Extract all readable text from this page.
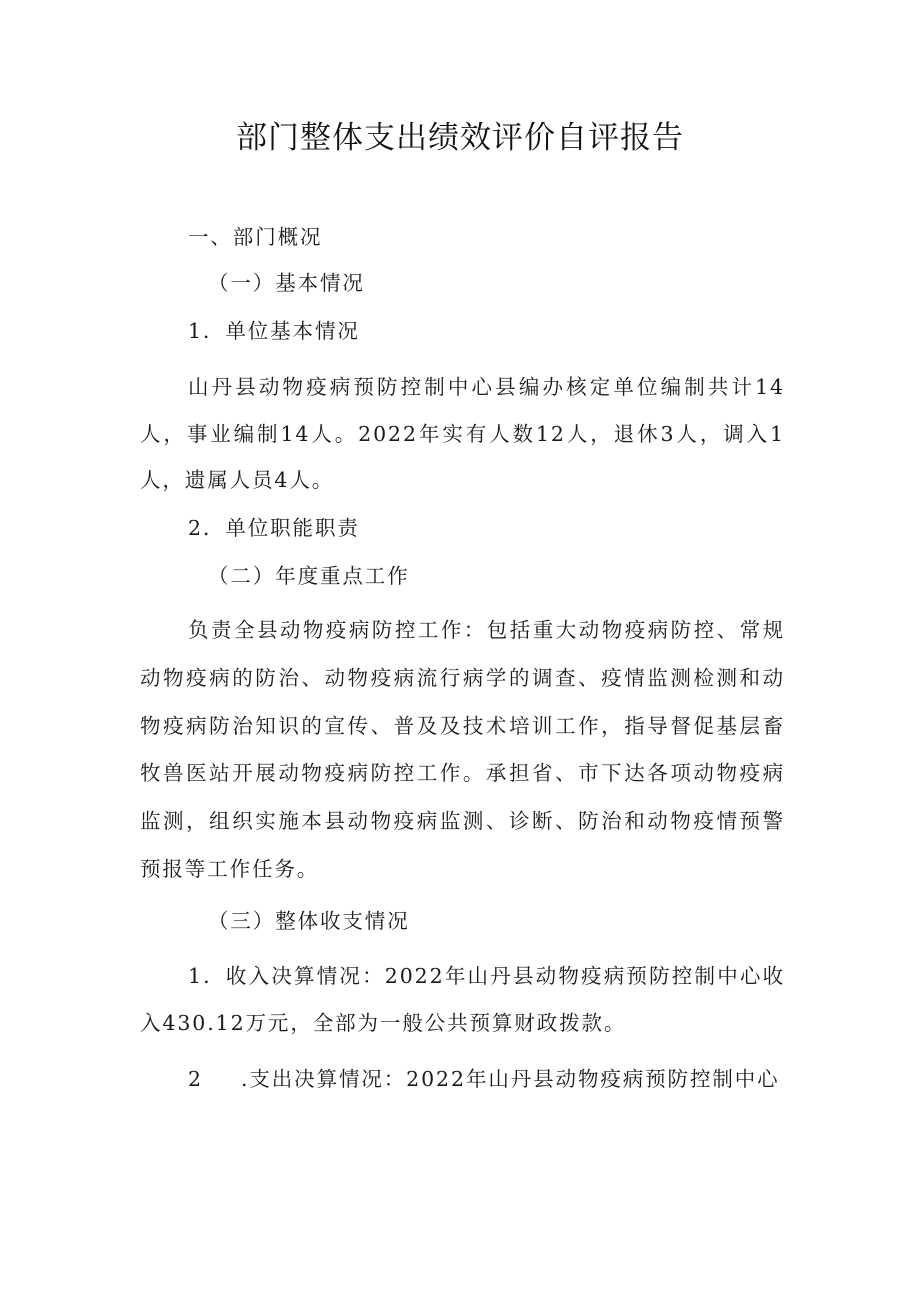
部门整体支出绩效评价自评报告
一、部门概况
（一）基本情况
1．单位基本情况
山丹县动物疫病预防控制中心县编办核定单位编制共计14人，事业编制14人。2022年实有人数12人，退休3人，调入1人，遗属人员4人。
2．单位职能职责
（二）年度重点工作
负责全县动物疫病防控工作：包括重大动物疫病防控、常规动物疫病的防治、动物疫病流行病学的调查、疫情监测检测和动物疫病防治知识的宣传、普及及技术培训工作，指导督促基层畜牧兽医站开展动物疫病防控工作。承担省、市下达各项动物疫病监测，组织实施本县动物疫病监测、诊断、防治和动物疫情预警预报等工作任务。
（三）整体收支情况
1．收入决算情况：2022年山丹县动物疫病预防控制中心收入430.12万元，全部为一般公共预算财政拨款。
2 .支出决算情况：2022年山丹县动物疫病预防控制中心
